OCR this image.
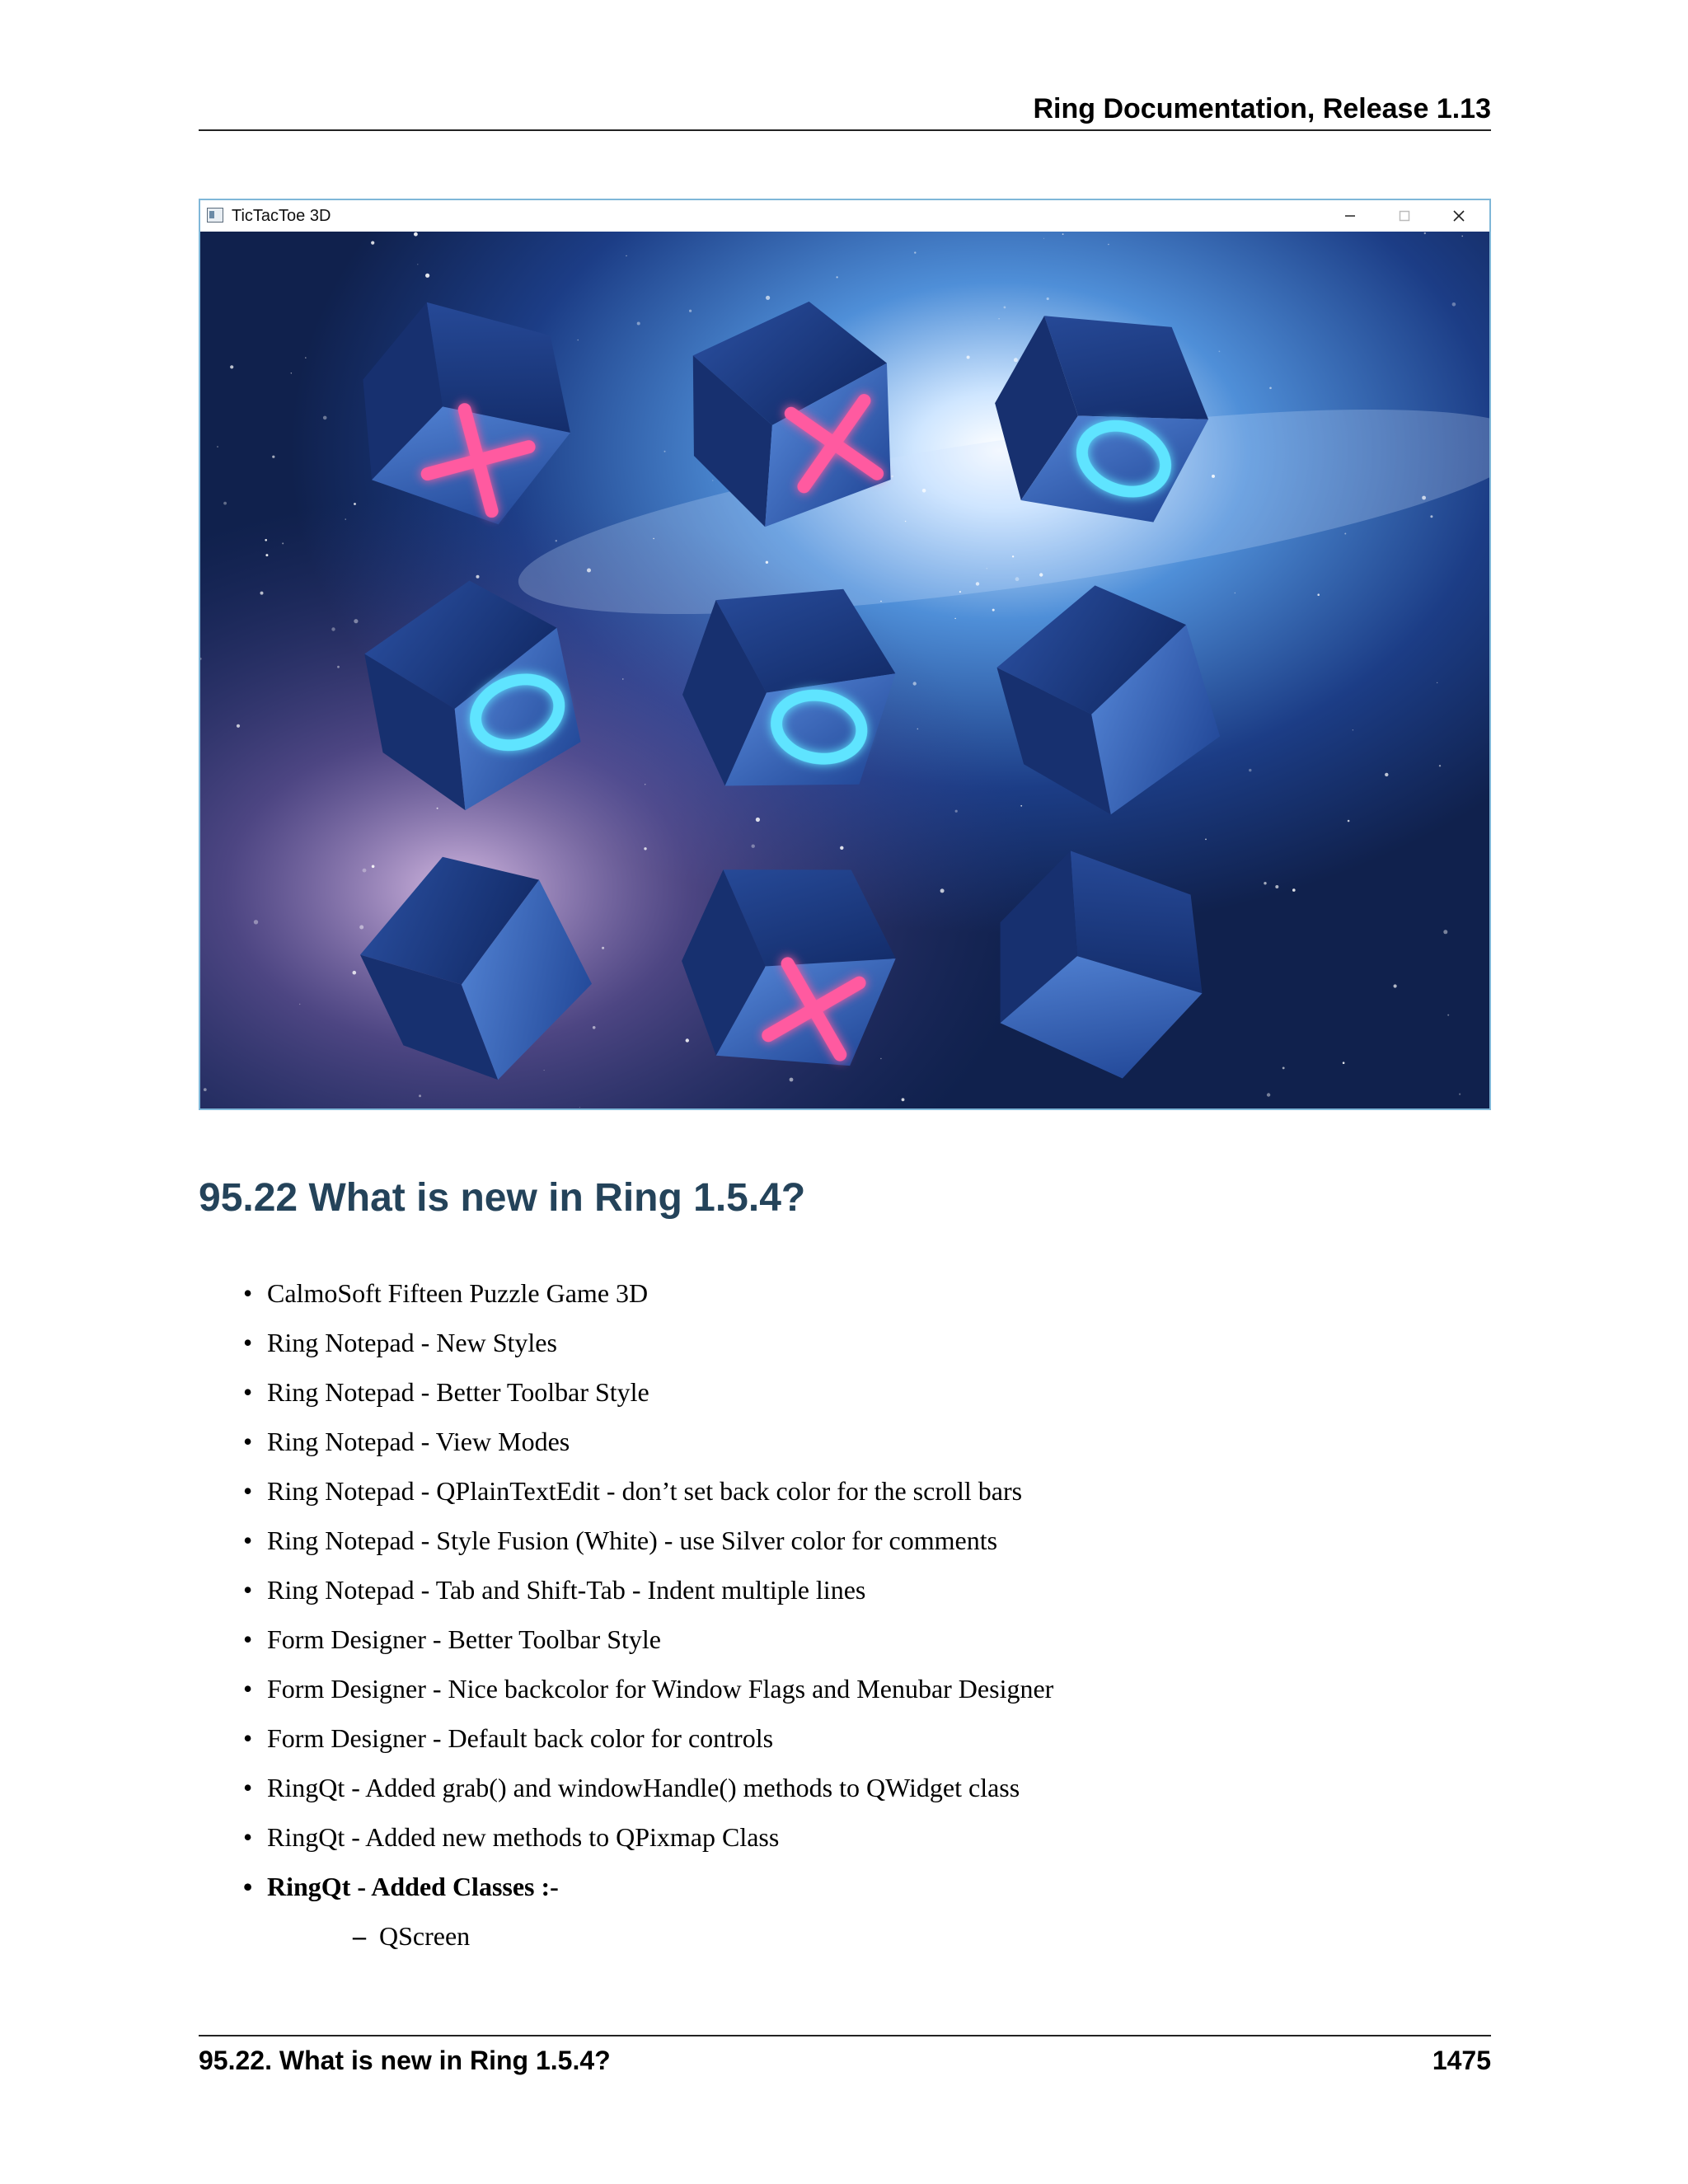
Ring Documentation, Release 1.13
TicTacToe 3D
95.22 What is new in Ring 1.5.4?
• CalmoSoft Fifteen Puzzle Game 3D
• Ring Notepad - New Styles
• Ring Notepad - Better Toolbar Style
• Ring Notepad - View Modes
• Ring Notepad - QPlainTextEdit - don’t set back color for the scroll bars
• Ring Notepad - Style Fusion (White) - use Silver color for comments
• Ring Notepad - Tab and Shift-Tab - Indent multiple lines
• Form Designer - Better Toolbar Style
• Form Designer - Nice backcolor for Window Flags and Menubar Designer
• Form Designer - Default back color for controls
• RingQt - Added grab() and windowHandle() methods to QWidget class
• RingQt - Added new methods to QPixmap Class
• RingQt - Added Classes :-
– QScreen
95.22. What is new in Ring 1.5.4?	1475
